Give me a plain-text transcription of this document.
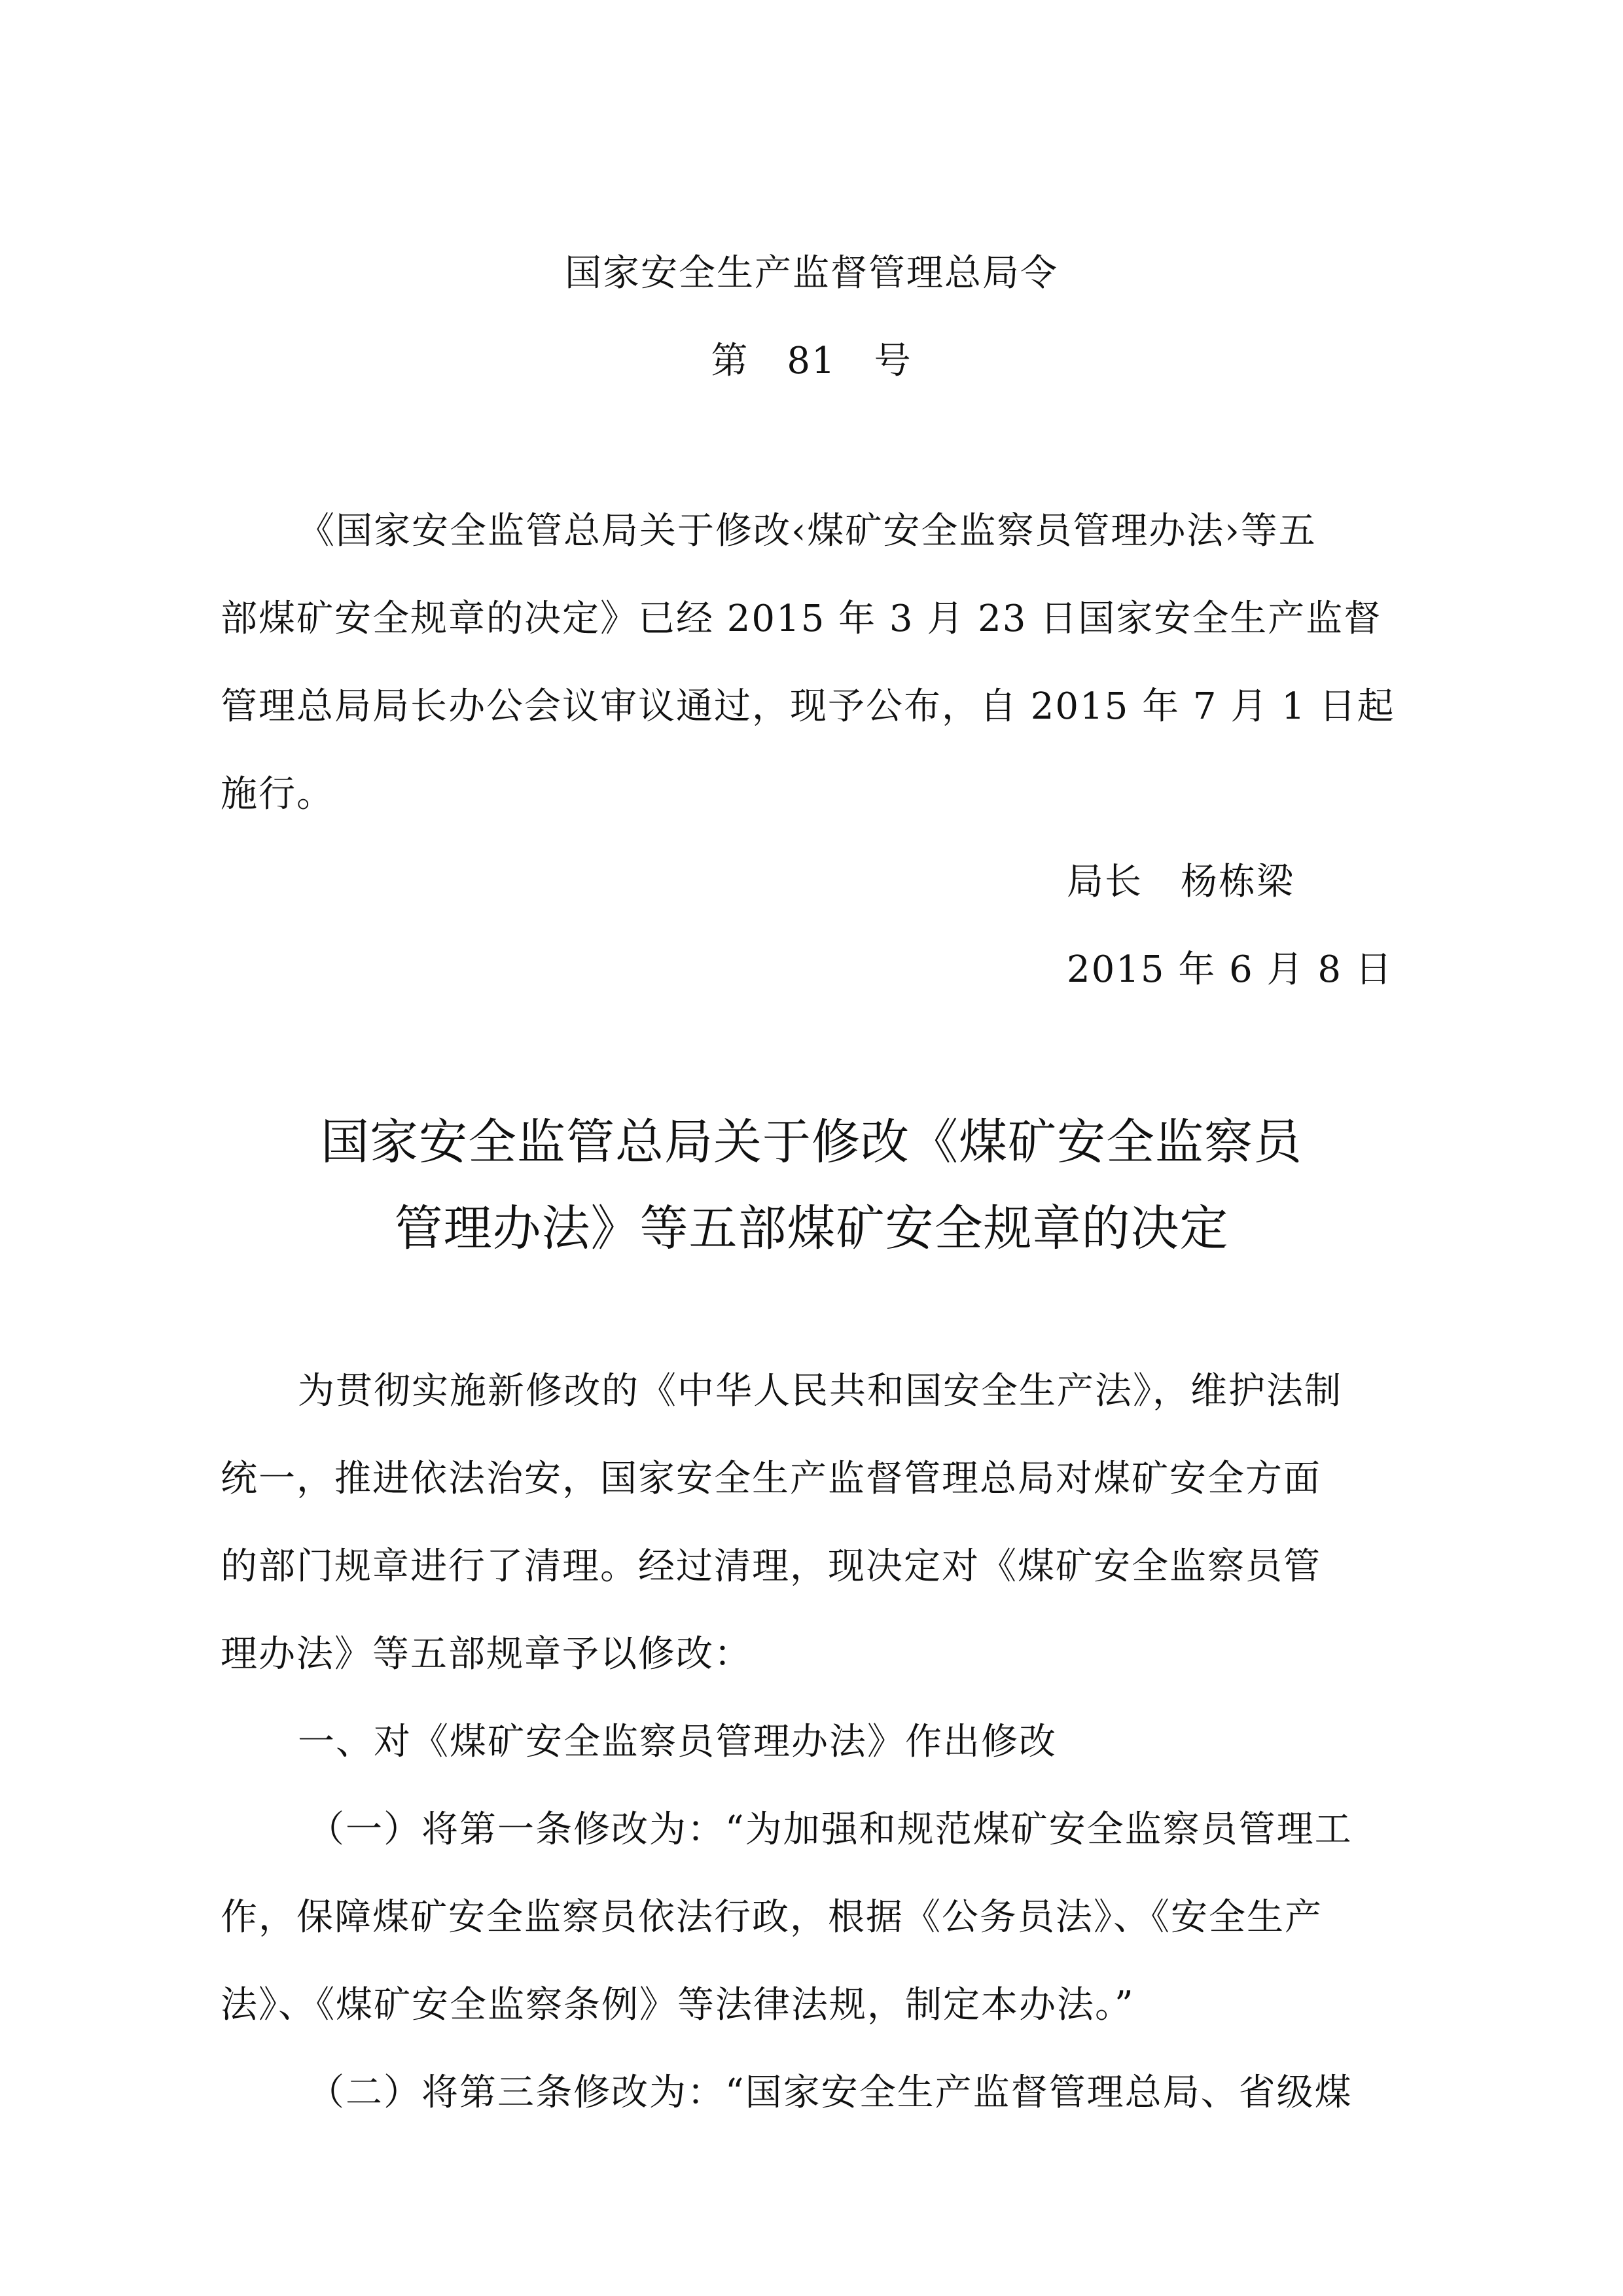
国家安全生产监督管理总局令
第　81　号
《国家安全监管总局关于修改‹煤矿安全监察员管理办法›等五
部煤矿安全规章的决定》已经 2015 年 3 月 23 日国家安全生产监督
管理总局局长办公会议审议通过，现予公布，自 2015 年 7 月 1 日起
施行。
局长　杨栋梁
2015 年 6 月 8 日
国家安全监管总局关于修改《煤矿安全监察员
管理办法》等五部煤矿安全规章的决定
为贯彻实施新修改的《中华人民共和国安全生产法》，维护法制
统一，推进依法治安，国家安全生产监督管理总局对煤矿安全方面
的部门规章进行了清理。经过清理，现决定对《煤矿安全监察员管
理办法》等五部规章予以修改：
一、对《煤矿安全监察员管理办法》作出修改
（一）将第一条修改为：“为加强和规范煤矿安全监察员管理工
作，保障煤矿安全监察员依法行政，根据《公务员法》、《安全生产
法》、《煤矿安全监察条例》等法律法规，制定本办法。”
（二）将第三条修改为：“国家安全生产监督管理总局、省级煤
